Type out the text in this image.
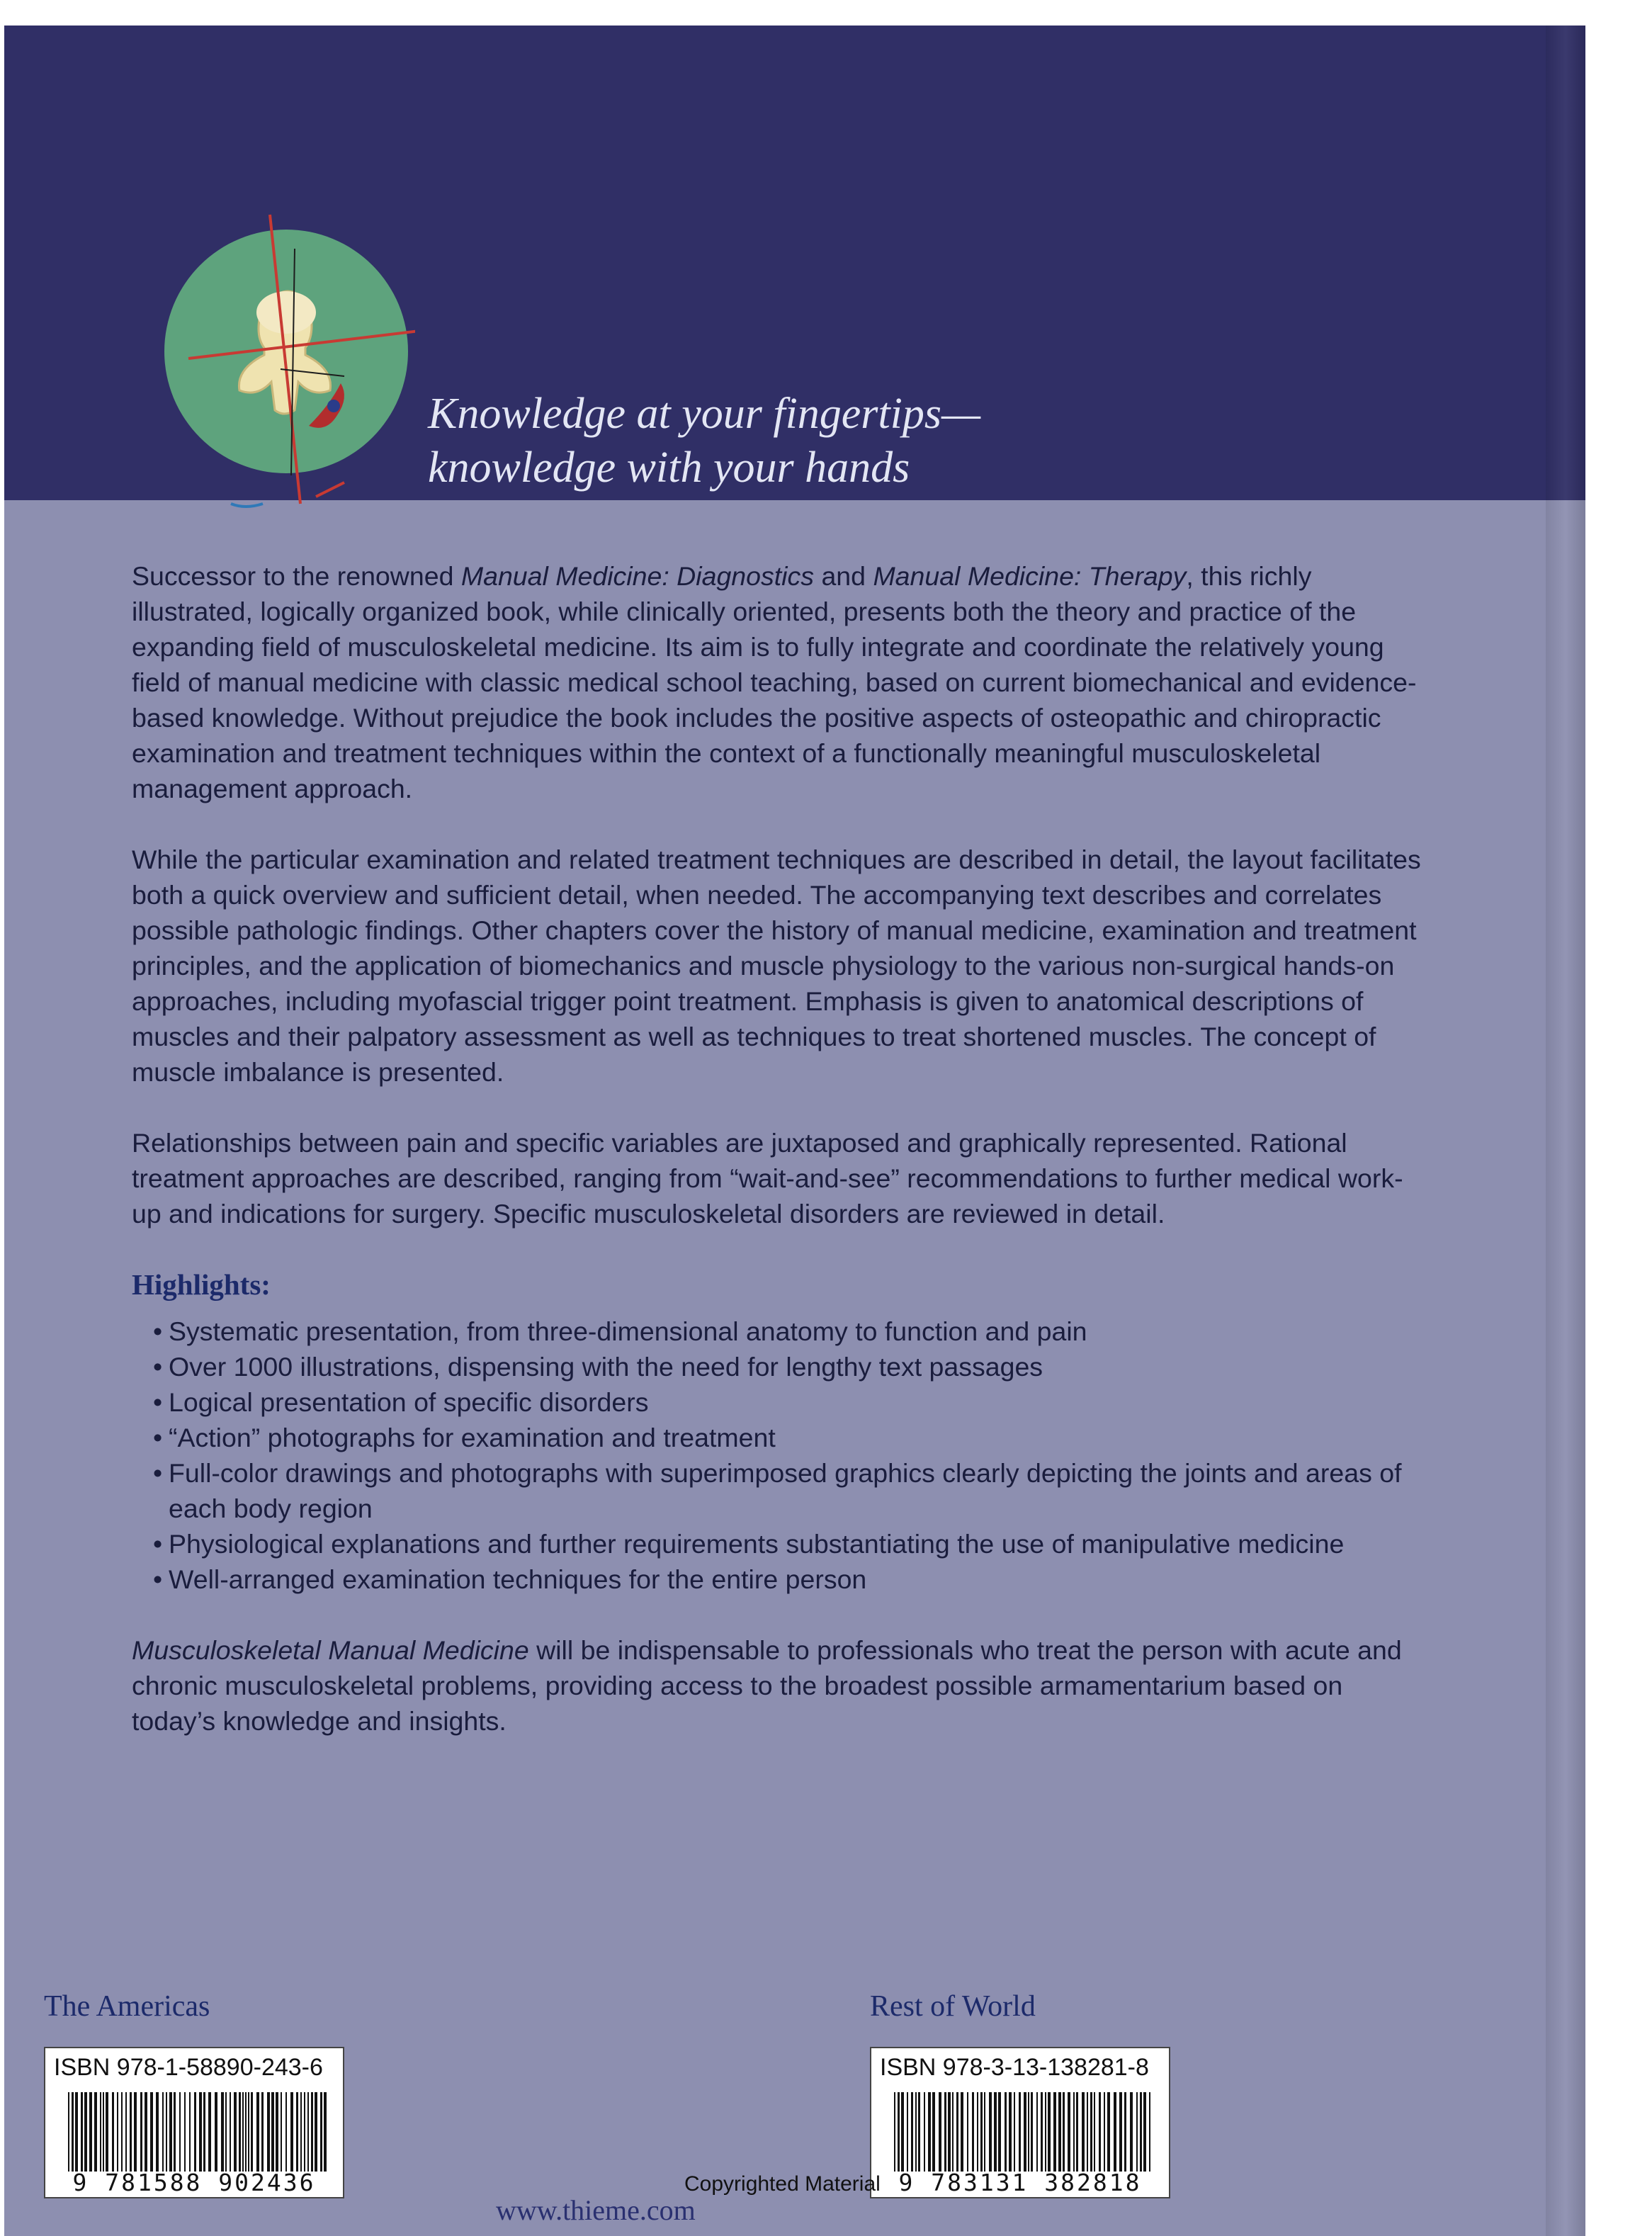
Knowledge at your fingertips—
knowledge with your hands

Successor to the renowned Manual Medicine: Diagnostics and Manual Medicine: Therapy, this richly illustrated, logically organized book, while clinically oriented, presents both the theory and practice of the expanding field of musculoskeletal medicine. Its aim is to fully integrate and coordinate the relatively young field of manual medicine with classic medical school teaching, based on current biomechanical and evidence-based knowledge. Without prejudice the book includes the positive aspects of osteopathic and chiropractic examination and treatment techniques within the context of a functionally meaningful musculoskeletal management approach.

While the particular examination and related treatment techniques are described in detail, the layout facilitates both a quick overview and sufficient detail, when needed. The accompanying text describes and correlates possible pathologic findings. Other chapters cover the history of manual medicine, examination and treatment principles, and the application of biomechanics and muscle physiology to the various non-surgical hands-on approaches, including myofascial trigger point treatment. Emphasis is given to anatomical descriptions of muscles and their palpatory assessment as well as techniques to treat shortened muscles. The concept of muscle imbalance is presented.

Relationships between pain and specific variables are juxtaposed and graphically represented. Rational treatment approaches are described, ranging from “wait-and-see” recommendations to further medical work-up and indications for surgery. Specific musculoskeletal disorders are reviewed in detail.

Highlights:
• Systematic presentation, from three-dimensional anatomy to function and pain
• Over 1000 illustrations, dispensing with the need for lengthy text passages
• Logical presentation of specific disorders
• “Action” photographs for examination and treatment
• Full-color drawings and photographs with superimposed graphics clearly depicting the joints and areas of each body region
• Physiological explanations and further requirements substantiating the use of manipulative medicine
• Well-arranged examination techniques for the entire person

Musculoskeletal Manual Medicine will be indispensable to professionals who treat the person with acute and chronic musculoskeletal problems, providing access to the broadest possible armamentarium based on today’s knowledge and insights.

The Americas
ISBN 978-1-58890-243-6
9 781588 902436
Rest of World
ISBN 978-3-13-138281-8
9 783131 382818
www.thieme.com
Copyrighted Material
